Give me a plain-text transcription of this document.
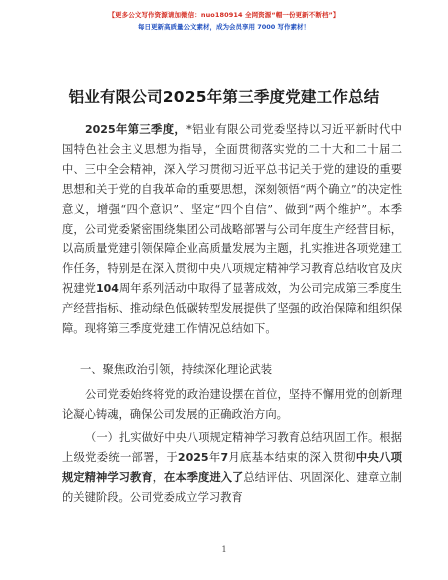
【更多公文写作资源请加微信：nuo180914 全网资源“帽一份更新不断档”】
每日更新高质量公文素材，成为会员享用 7000 写作素材！
铝业有限公司2025年第三季度党建工作总结
2025年第三季度，*铝业有限公司党委坚持以习近平新时代中国特色社会主义思想为指导，全面贯彻落实党的二十大和二十届二中、三中全会精神，深入学习贯彻习近平总书记关于党的建设的重要思想和关于党的自我革命的重要思想，深刻领悟“两个确立”的决定性意义，增强“四个意识”、坚定“四个自信”、做到“两个维护”。本季度，公司党委紧密围绕集团公司战略部署与公司年度生产经营目标，以高质量党建引领保障企业高质量发展为主题，扎实推进各项党建工作任务，特别是在深入贯彻中央八项规定精神学习教育总结收官及庆祝建党104周年系列活动中取得了显著成效，为公司完成第三季度生产经营指标、推动绿色低碳转型发展提供了坚强的政治保障和组织保障。现将第三季度党建工作情况总结如下。
一、聚焦政治引领，持续深化理论武装
公司党委始终将党的政治建设摆在首位，坚持不懈用党的创新理论凝心铸魂，确保公司发展的正确政治方向。
（一）扎实做好中央八项规定精神学习教育总结巩固工作。根据上级党委统一部署，于2025年7月底基本结束的深入贯彻中央八项规定精神学习教育，在本季度进入了总结评估、巩固深化、建章立制的关键阶段。公司党委成立学习教育
1
